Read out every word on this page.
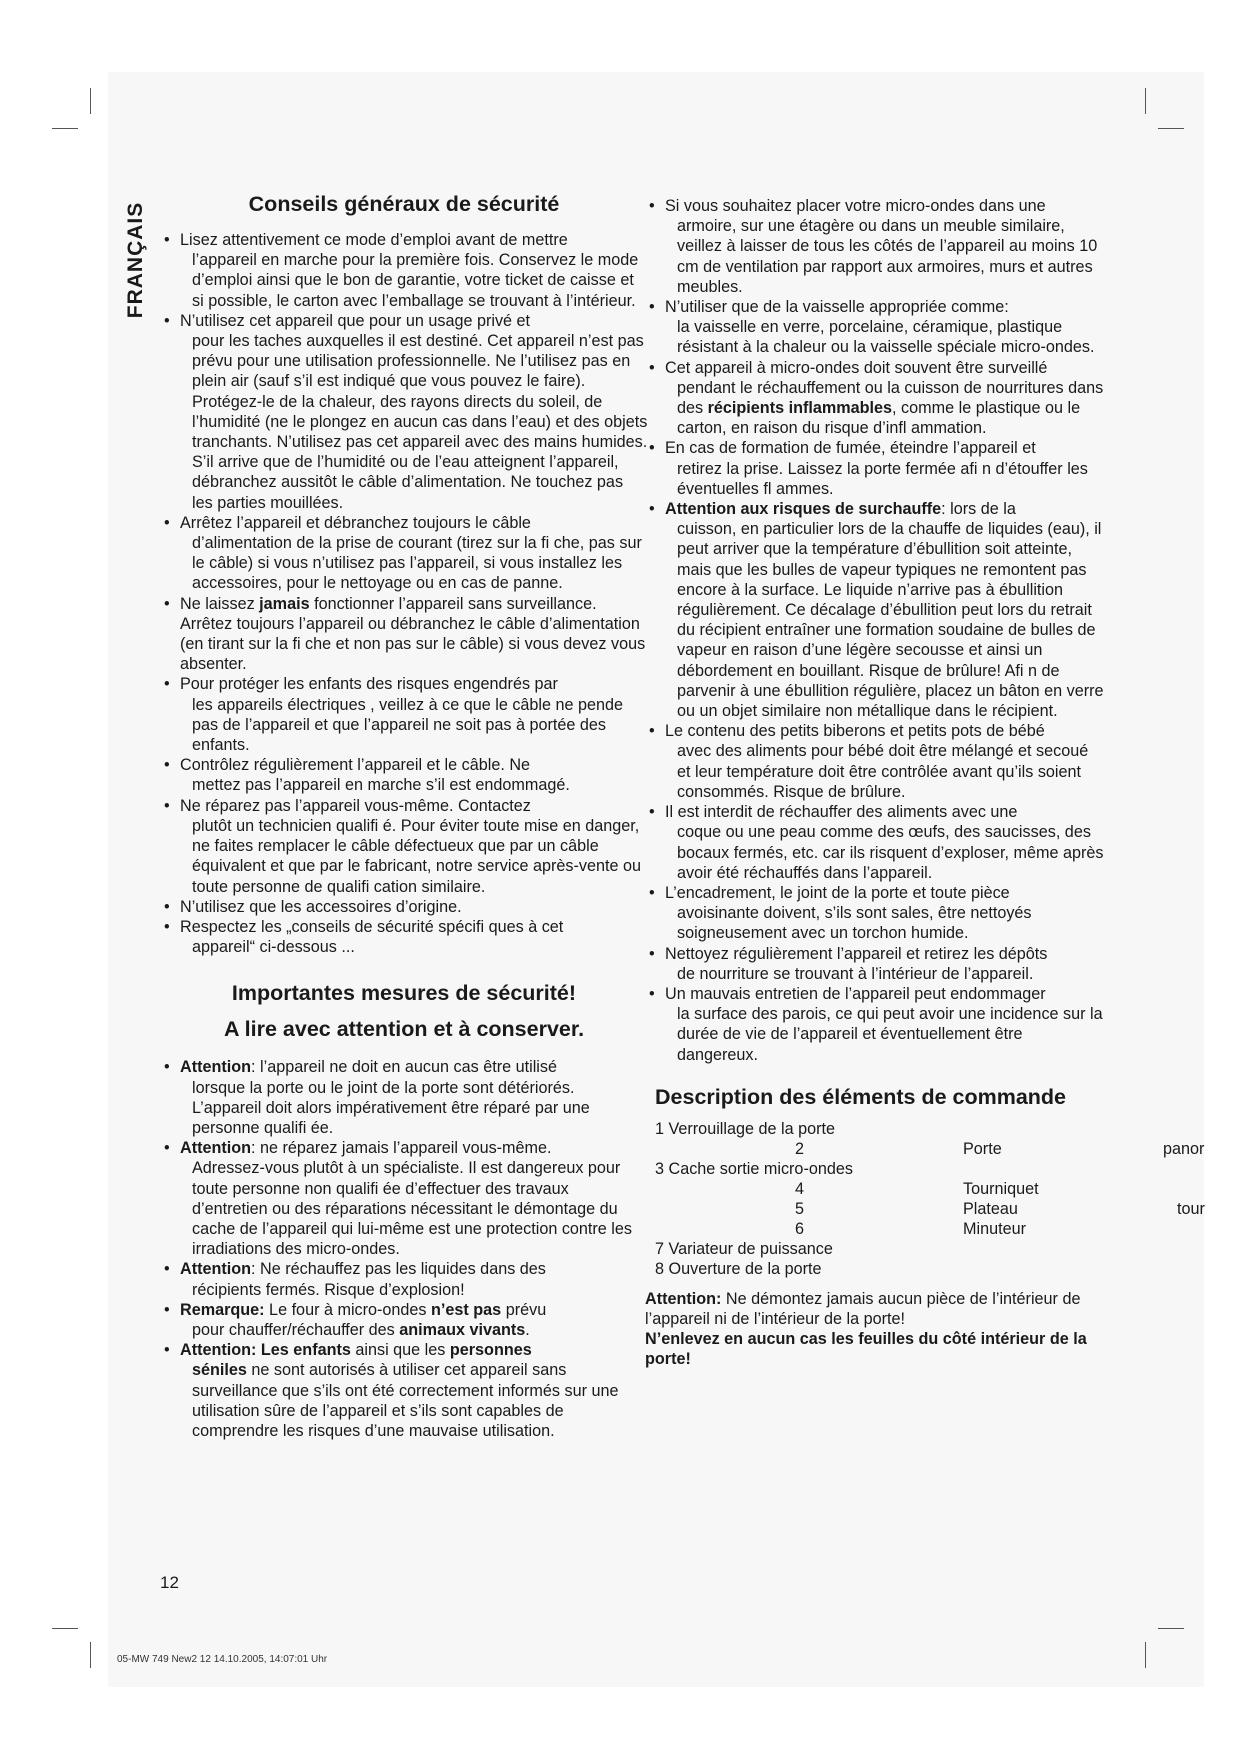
FRANÇAIS	Conseils généraux de sécurité
• Lisez attentivement ce mode d’emploi avant de mettre
l’appareil en marche pour la première fois. Conservez le mode d’emploi ainsi que le bon de garantie, votre ticket de caisse et si possible, le carton avec l’emballage se trouvant à l’intérieur.
• N’utilisez cet appareil que pour un usage privé et
pour les taches auxquelles il est destiné. Cet appareil n’est pas prévu pour une utilisation professionnelle. Ne l’utilisez pas en plein air (sauf s’il est indiqué que vous pouvez le faire). Protégez-le de la chaleur, des rayons directs du soleil, de l’humidité (ne le plongez en aucun cas dans l’eau) et des objets tranchants. N’utilisez pas cet appareil avec des mains humides. S’il arrive que de l’humidité ou de l’eau atteignent l’appareil, débranchez aussitôt le câble d’alimentation. Ne touchez pas les parties mouillées.
• Arrêtez l’appareil et débranchez toujours le câble
d’alimentation de la prise de courant (tirez sur la fi che, pas sur le câble) si vous n’utilisez pas l’appareil, si vous installez les accessoires, pour le nettoyage ou en cas de panne.
• Ne laissez jamais fonctionner l’appareil sans surveillance. Arrêtez toujours l’appareil ou débranchez le câble d’alimentation (en tirant sur la fi che et non pas sur le câble) si vous devez vous absenter.
• Pour protéger les enfants des risques engendrés par
les appareils électriques , veillez à ce que le câble ne pende pas de l’appareil et que l’appareil ne soit pas à portée des enfants.
• Contrôlez régulièrement l’appareil et le câble. Ne
mettez pas l’appareil en marche s’il est endommagé.
• Ne réparez pas l’appareil vous-même. Contactez
plutôt un technicien qualifi é. Pour éviter toute mise en danger, ne faites remplacer le câble défectueux que par un câble équivalent et que par le fabricant, notre service après-vente ou toute personne de qualifi cation similaire.
• N’utilisez que les accessoires d’origine.
• Respectez les „conseils de sécurité spécifi ques à cet
appareil“ ci-dessous ...
Importantes mesures de sécurité!
A lire avec attention et à conserver.
• Attention: l’appareil ne doit en aucun cas être utilisé
lorsque la porte ou le joint de la porte sont détériorés. L’appareil doit alors impérativement être réparé par une personne qualifi ée.
• Attention: ne réparez jamais l’appareil vous-même.
Adressez-vous plutôt à un spécialiste. Il est dangereux pour toute personne non qualifi ée d’effectuer des travaux d’entretien ou des réparations nécessitant le démontage du cache de l’appareil qui lui-même est une protection contre les irradiations des micro-ondes.
• Attention: Ne réchauffez pas les liquides dans des
récipients fermés. Risque d’explosion!
• Remarque: Le four à micro-ondes n’est pas prévu
pour chauffer/réchauffer des animaux vivants.
• Attention: Les enfants ainsi que les personnes
séniles ne sont autorisés à utiliser cet appareil sans surveillance que s’ils ont été correctement informés sur une utilisation sûre de l’appareil et s’ils sont capables de comprendre les risques d’une mauvaise utilisation.
• Si vous souhaitez placer votre micro-ondes dans une
armoire, sur une étagère ou dans un meuble similaire, veillez à laisser de tous les côtés de l’appareil au moins 10 cm de ventilation par rapport aux armoires, murs et autres meubles.
• N’utiliser que de la vaisselle appropriée comme:
la vaisselle en verre, porcelaine, céramique, plastique résistant à la chaleur ou la vaisselle spéciale micro-ondes.
• Cet appareil à micro-ondes doit souvent être surveillé
pendant le réchauffement ou la cuisson de nourritures dans des récipients inflammables, comme le plastique ou le carton, en raison du risque d’infl ammation.
• En cas de formation de fumée, éteindre l’appareil et
retirez la prise. Laissez la porte fermée afi n d’étouffer les éventuelles fl ammes.
• Attention aux risques de surchauffe: lors de la
cuisson, en particulier lors de la chauffe de liquides (eau), il peut arriver que la température d’ébullition soit atteinte, mais que les bulles de vapeur typiques ne remontent pas encore à la surface. Le liquide n’arrive pas à ébullition régulièrement. Ce décalage d’ébullition peut lors du retrait du récipient entraîner une formation soudaine de bulles de vapeur en raison d’une légère secousse et ainsi un débordement en bouillant. Risque de brûlure! Afi n de parvenir à une ébullition régulière, placez un bâton en verre ou un objet similaire non métallique dans le récipient.
• Le contenu des petits biberons et petits pots de bébé
avec des aliments pour bébé doit être mélangé et secoué et leur température doit être contrôlée avant qu’ils soient consommés. Risque de brûlure.
• Il est interdit de réchauffer des aliments avec une
coque ou une peau comme des œufs, des saucisses, des bocaux fermés, etc. car ils risquent d’exploser, même après avoir été réchauffés dans l’appareil.
• L’encadrement, le joint de la porte et toute pièce
avoisinante doivent, s’ils sont sales, être nettoyés soigneusement avec un torchon humide.
• Nettoyez régulièrement l’appareil et retirez les dépôts
de nourriture se trouvant à l’intérieur de l’appareil.
• Un mauvais entretien de l’appareil peut endommager
la surface des parois, ce qui peut avoir une incidence sur la durée de vie de l’appareil et éventuellement être dangereux.
Description des éléments de commande
1 Verrouillage de la porte
2	Porte	panor
3 Cache sortie micro-ondes
4	Tourniquet
5	Plateau	tour
6	Minuteur
7 Variateur de puissance
8 Ouverture de la porte
Attention: Ne démontez jamais aucun pièce de l’intérieur de l’appareil ni de l’intérieur de la porte!
N’enlevez en aucun cas les feuilles du côté intérieur de la porte!
12
05-MW 749 New2 12 14.10.2005, 14:07:01 Uhr
